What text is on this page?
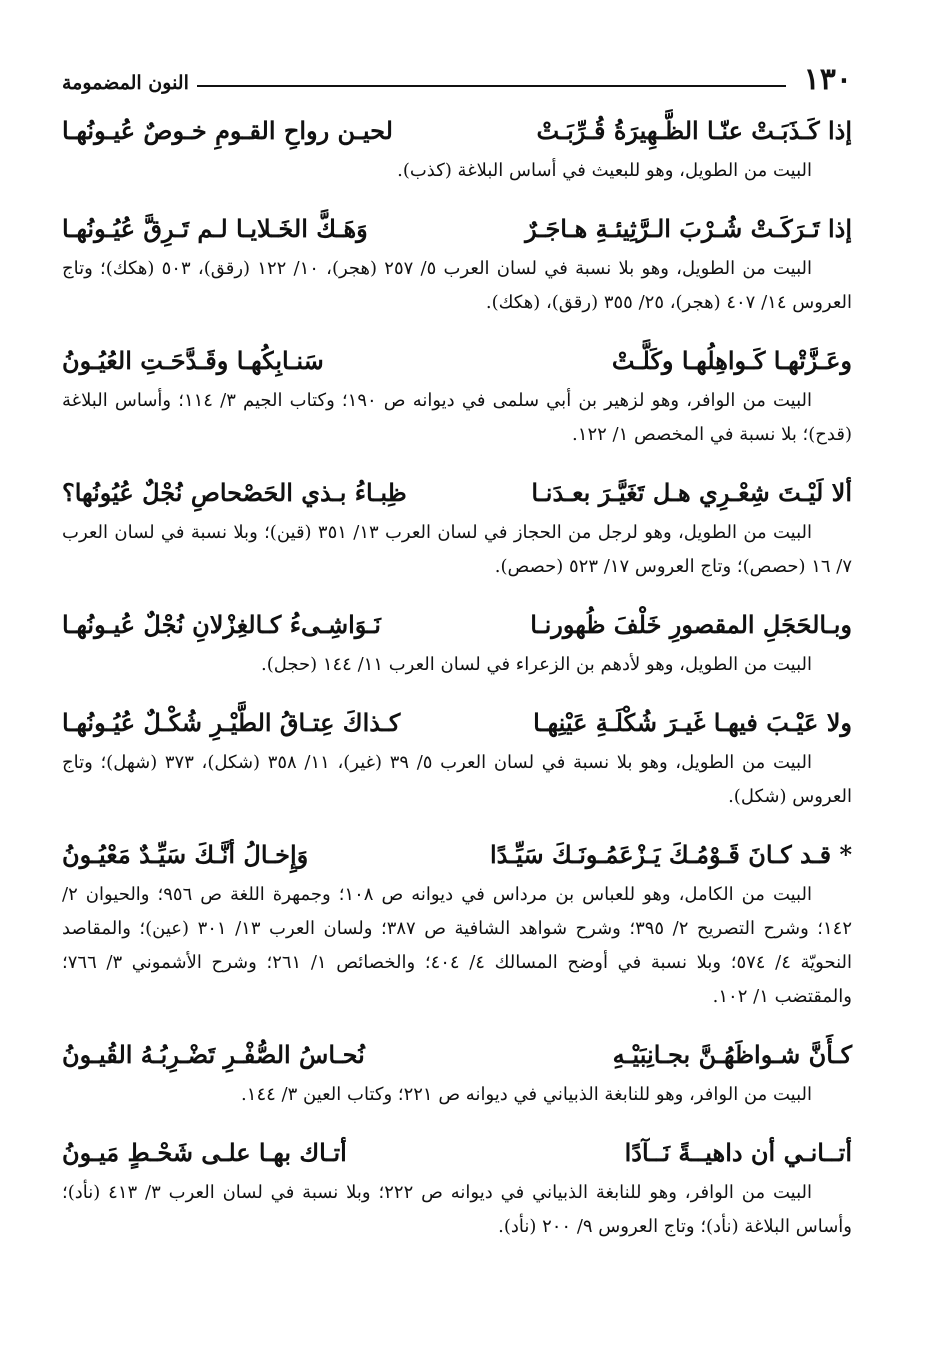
١٣٠
النون المضمومة
إذا كَـذَبَـتْ عنّـا الظَّـهِيرَةُ قُـرِّبَـتْ
لحيـن رواحِ القـومِ خـوصٌ عُيـونُهـا
البيت من الطويل، وهو للبعيث في أساس البلاغة (كذب).
إذا تَـرَكَـتْ شُـرْبَ الـرَّثِيئـةِ هـاجَـرٌ
وَهَـكَّ الخَـلايـا لـم تَـرِقَّ عُيُـونُهـا
البيت من الطويل، وهو بلا نسبة في لسان العرب ٥/ ٢٥٧ (هجر)، ١٠/ ١٢٢ (رقق)، ٥٠٣ (هكك)؛ وتاج العروس ١٤/ ٤٠٧ (هجر)، ٢٥/ ٣٥٥ (رقق)، (هكك).
وعَـزَّتْهـا كَـواهِلُهـا وكَلَّـتْ
سَنـابِكُهـا وقَـدَّحَـتِ العُيُـونُ
البيت من الوافر، وهو لزهير بن أبي سلمى في ديوانه ص ١٩٠؛ وكتاب الجيم ٣/ ١١٤؛ وأساس البلاغة (قدح)؛ بلا نسبة في المخصص ١/ ١٢٢.
ألا لَيْـتَ شِعْـرِي هـل تَغَيَّـرَ بعـدَنـا
ظِبـاءُ بـذي الحَصْحاصِ نُجْلٌ عُيُونُها؟
البيت من الطويل، وهو لرجل من الحجاز في لسان العرب ١٣/ ٣٥١ (قين)؛ وبلا نسبة في لسان العرب ٧/ ١٦ (حصص)؛ وتاج العروس ١٧/ ٥٢٣ (حصص).
وبـالحَجَلِ المقصورِ خَلْفَ ظُهورنـا
نَـوَاشِـىءُ كـالغِزْلانِ نُجْلٌ عُيـونُهـا
البيت من الطويل، وهو لأدهم بن الزعراء في لسان العرب ١١/ ١٤٤ (حجل).
ولا عَيْـبَ فيهـا غَيـرَ شُكْلَـةِ عَيْنِهـا
كـذاكَ عِتـاقُ الطَّيْـرِ شُكْـلٌ عُيُـونُهـا
البيت من الطويل، وهو بلا نسبة في لسان العرب ٥/ ٣٩ (غير)، ١١/ ٣٥٨ (شكل)، ٣٧٣ (شهل)؛ وتاج العروس (شكل).
* قـد كـانَ قَـوْمُـكَ يَـزْعَمُـونَـكَ سَيِّـدًا
وَإِخـالُ أنَّـكَ سَيِّـدٌ مَعْيُـونُ
البيت من الكامل، وهو للعباس بن مرداس في ديوانه ص ١٠٨؛ وجمهرة اللغة ص ٩٥٦؛ والحيوان ٢/ ١٤٢؛ وشرح التصريح ٢/ ٣٩٥؛ وشرح شواهد الشافية ص ٣٨٧؛ ولسان العرب ١٣/ ٣٠١ (عين)؛ والمقاصد النحويّة ٤/ ٥٧٤؛ وبلا نسبة في أوضح المسالك ٤/ ٤٠٤؛ والخصائص ١/ ٢٦١؛ وشرح الأشموني ٣/ ٧٦٦؛ والمقتضب ١/ ١٠٢.
كـأَنَّ شـواظَهُـنَّ بجـانِبَيْـهِ
نُحـاسُ الصُّفْـرِ تَضْـرِبُـهُ القُيـونُ
البيت من الوافر، وهو للنابغة الذبياني في ديوانه ص ٢٢١؛ وكتاب العين ٣/ ١٤٤.
أتــانـي أن داهيــةً نَــآدًا
أتـاك بهـا علـى شَحْـطٍ مَيـونُ
البيت من الوافر، وهو للنابغة الذبياني في ديوانه ص ٢٢٢؛ وبلا نسبة في لسان العرب ٣/ ٤١٣ (نأد)؛ وأساس البلاغة (نأد)؛ وتاج العروس ٩/ ٢٠٠ (نأد).
